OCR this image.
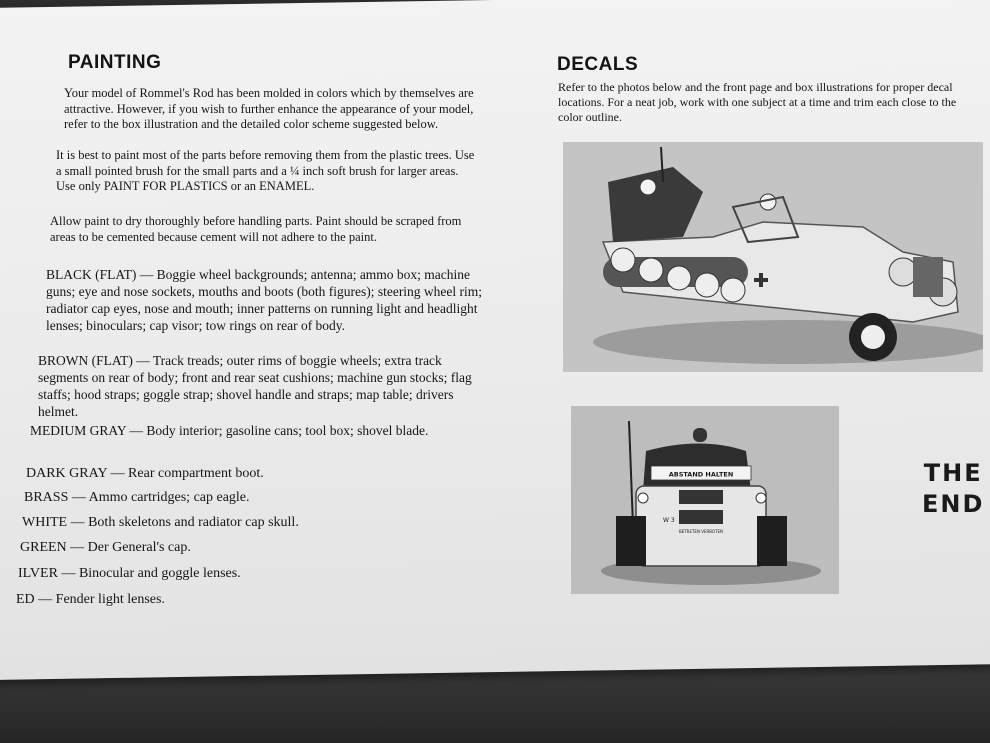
PAINTING

Your model of Rommel's Rod has been molded in colors which by themselves are attractive. However, if you wish to further enhance the appearance of your model, refer to the box illustration and the detailed color scheme suggested below.

It is best to paint most of the parts before removing them from the plastic trees. Use a small pointed brush for the small parts and a ¼ inch soft brush for larger areas. Use only PAINT FOR PLASTICS or an ENAMEL.

Allow paint to dry thoroughly before handling parts. Paint should be scraped from areas to be cemented because cement will not adhere to the paint.

BLACK (FLAT) — Boggie wheel backgrounds; antenna; ammo box; machine guns; eye and nose sockets, mouths and boots (both figures); steering wheel rim; radiator cap eyes, nose and mouth; inner patterns on running light and headlight lenses; binoculars; cap visor; tow rings on rear of body.

BROWN (FLAT) — Track treads; outer rims of boggie wheels; extra track segments on rear of body; front and rear seat cushions; machine gun stocks; flag staffs; hood straps; goggle strap; shovel handle and straps; map table; drivers helmet.

MEDIUM GRAY — Body interior; gasoline cans; tool box; shovel blade.

DARK GRAY — Rear compartment boot.
BRASS — Ammo cartridges; cap eagle.
WHITE — Both skeletons and radiator cap skull.
GREEN — Der General's cap.
ILVER — Binocular and goggle lenses.
ED — Fender light lenses.
DECALS

Refer to the photos below and the front page and box illustrations for proper decal locations. For a neat job, work with one subject at a time and trim each close to the color outline.

ABSTAND HALTEN
W 3
BETRETEN VERBOTEN
THE
END
